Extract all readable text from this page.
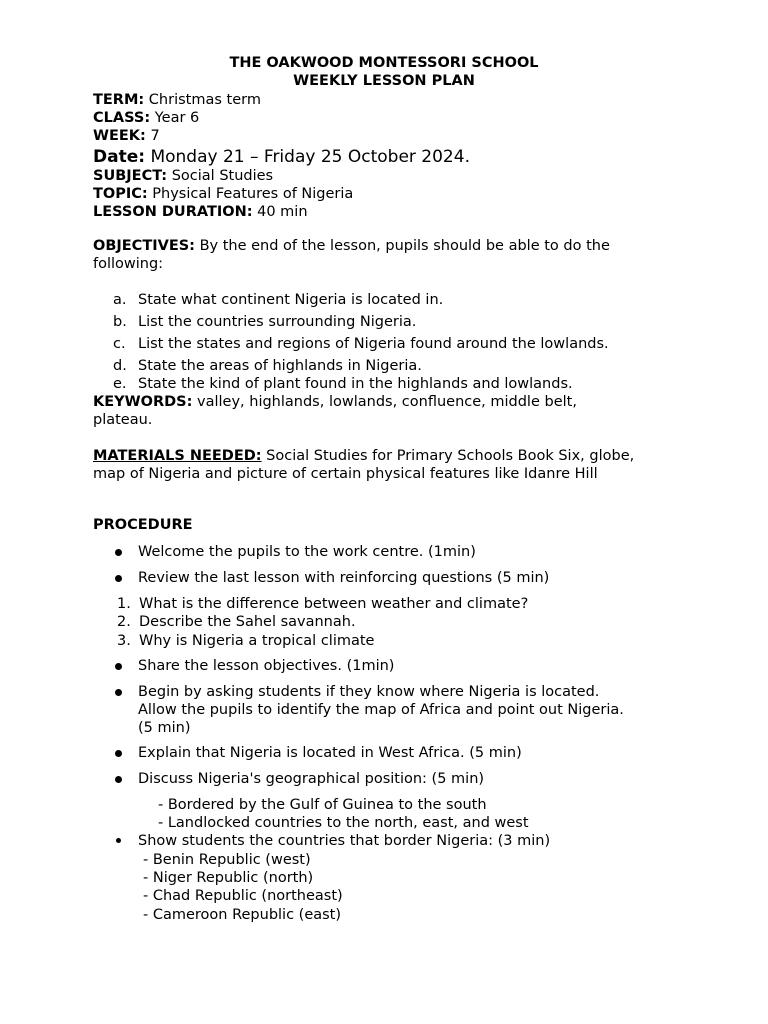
THE OAKWOOD MONTESSORI SCHOOL
WEEKLY LESSON PLAN
TERM: Christmas term
CLASS: Year 6
WEEK: 7
Date: Monday 21 – Friday 25 October 2024.
SUBJECT: Social Studies
TOPIC: Physical Features of Nigeria
LESSON DURATION: 40 min
OBJECTIVES: By the end of the lesson, pupils should be able to do the
following:
a. State what continent Nigeria is located in.
b. List the countries surrounding Nigeria.
c. List the states and regions of Nigeria found around the lowlands.
d. State the areas of highlands in Nigeria.
e. State the kind of plant found in the highlands and lowlands.
KEYWORDS: valley, highlands, lowlands, confluence, middle belt,
plateau.
MATERIALS NEEDED: Social Studies for Primary Schools Book Six, globe,
map of Nigeria and picture of certain physical features like Idanre Hill
PROCEDURE
Welcome the pupils to the work centre. (1min)
Review the last lesson with reinforcing questions (5 min)
1. What is the difference between weather and climate?
2. Describe the Sahel savannah.
3. Why is Nigeria a tropical climate
Share the lesson objectives. (1min)
Begin by asking students if they know where Nigeria is located.
Allow the pupils to identify the map of Africa and point out Nigeria.
(5 min)
Explain that Nigeria is located in West Africa. (5 min)
Discuss Nigeria's geographical position: (5 min)
- Bordered by the Gulf of Guinea to the south
- Landlocked countries to the north, east, and west
Show students the countries that border Nigeria: (3 min)
- Benin Republic (west)
- Niger Republic (north)
- Chad Republic (northeast)
- Cameroon Republic (east)
